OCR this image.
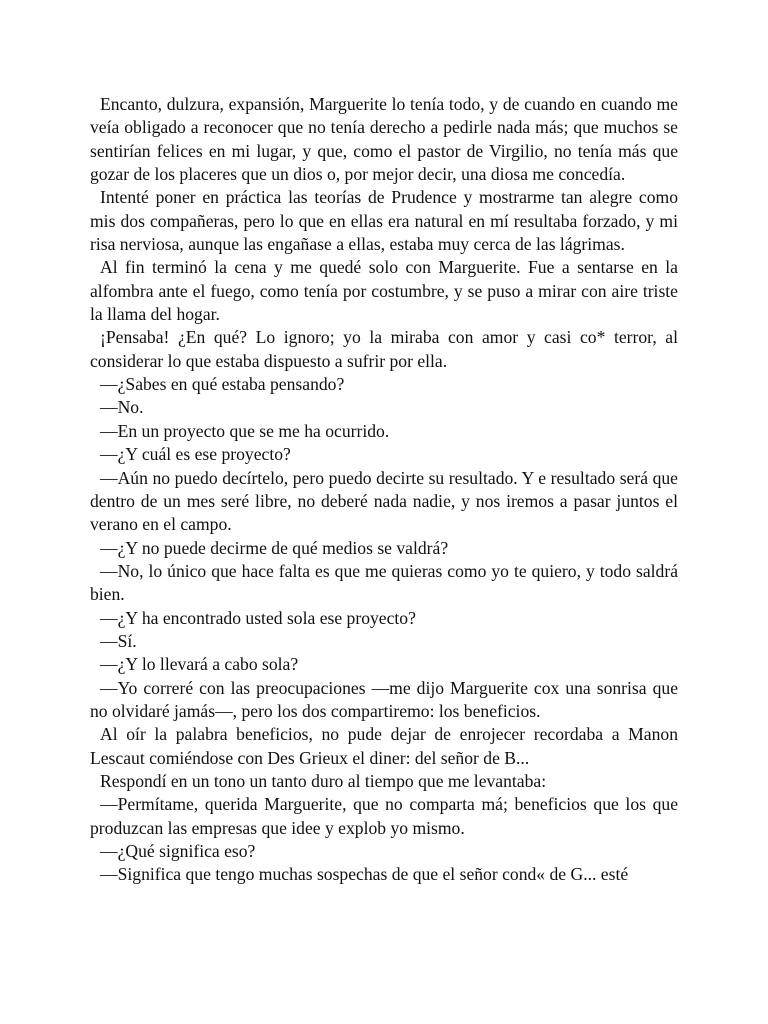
Encanto, dulzura, expansión, Marguerite lo tenía todo, y de cuando en cuando me veía obligado a reconocer que no tenía derecho a pedirle nada más; que muchos se sentirían felices en mi lugar, y que, como el pastor de Virgilio, no tenía más que gozar de los placeres que un dios o, por mejor decir, una diosa me concedía.

Intenté poner en práctica las teorías de Prudence y mostrarme tan alegre como mis dos compañeras, pero lo que en ellas era natural en mí resultaba forzado, y mi risa nerviosa, aunque las engañase a ellas, estaba muy cerca de las lágrimas.

Al fin terminó la cena y me quedé solo con Marguerite. Fue a sentarse en la alfombra ante el fuego, como tenía por costumbre, y se puso a mirar con aire triste la llama del hogar.

¡Pensaba! ¿En qué? Lo ignoro; yo la miraba con amor y casi co* terror, al considerar lo que estaba dispuesto a sufrir por ella.

—¿Sabes en qué estaba pensando?

—No.

—En un proyecto que se me ha ocurrido.

—¿Y cuál es ese proyecto?

—Aún no puedo decírtelo, pero puedo decirte su resultado. Y e resultado será que dentro de un mes seré libre, no deberé nada nadie, y nos iremos a pasar juntos el verano en el campo.

—¿Y no puede decirme de qué medios se valdrá?

—No, lo único que hace falta es que me quieras como yo te quiero, y todo saldrá bien.

—¿Y ha encontrado usted sola ese proyecto?

—Sí.

—¿Y lo llevará a cabo sola?

—Yo correré con las preocupaciones —me dijo Marguerite cox una sonrisa que no olvidaré jamás—, pero los dos compartiremo: los beneficios.

Al oír la palabra beneficios, no pude dejar de enrojecer recordaba a Manon Lescaut comiéndose con Des Grieux el diner: del señor de B...

Respondí en un tono un tanto duro al tiempo que me levantaba:

—Permítame, querida Marguerite, que no comparta má; beneficios que los que produzcan las empresas que idee y explob yo mismo.

—¿Qué significa eso?

—Significa que tengo muchas sospechas de que el señor cond« de G... esté
